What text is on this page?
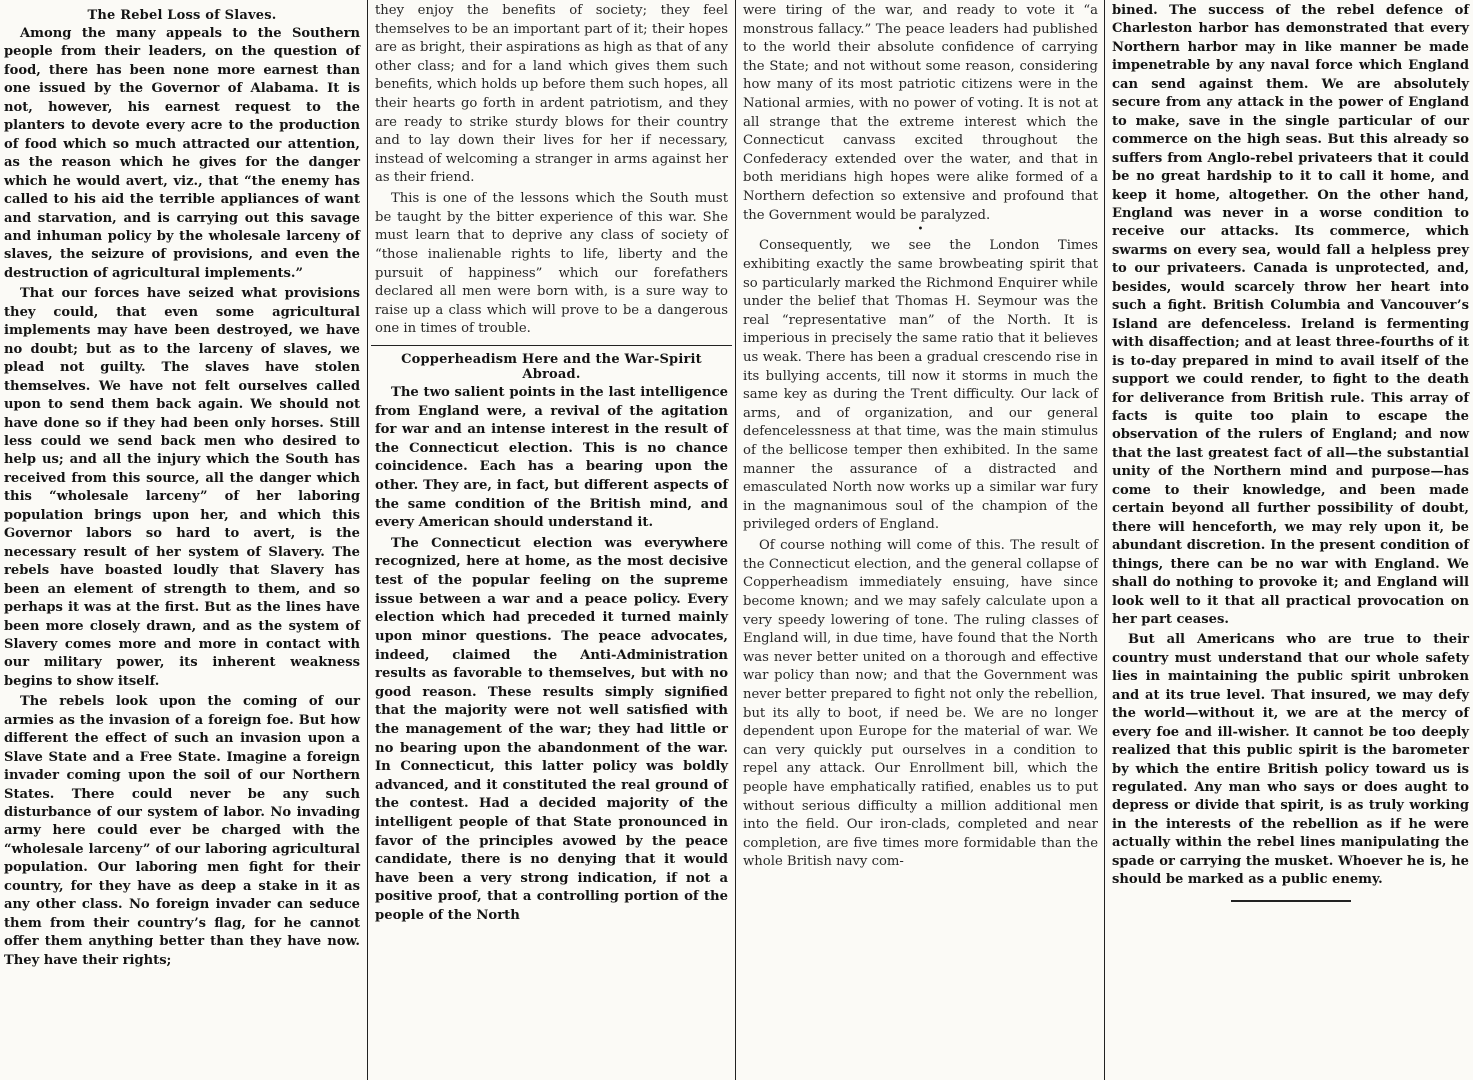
The Rebel Loss of Slaves.

Among the many appeals to the Southern people from their leaders, on the question of food, there has been none more earnest than one issued by the Governor of Alabama. It is not, however, his earnest request to the planters to devote every acre to the production of food which so much attracted our attention, as the reason which he gives for the danger which he would avert, viz., that “the enemy has called to his aid the terrible appliances of want and starvation, and is carrying out this savage and inhuman policy by the wholesale larceny of slaves, the seizure of provisions, and even the destruction of agricultural implements.”

That our forces have seized what provisions they could, that even some agricultural implements may have been destroyed, we have no doubt; but as to the larceny of slaves, we plead not guilty. The slaves have stolen themselves. We have not felt ourselves called upon to send them back again. We should not have done so if they had been only horses. Still less could we send back men who desired to help us; and all the injury which the South has received from this source, all the danger which this “wholesale larceny” of her laboring population brings upon her, and which this Governor labors so hard to avert, is the necessary result of her system of Slavery. The rebels have boasted loudly that Slavery has been an element of strength to them, and so perhaps it was at the first. But as the lines have been more closely drawn, and as the system of Slavery comes more and more in contact with our military power, its inherent weakness begins to show itself.

The rebels look upon the coming of our armies as the invasion of a foreign foe. But how different the effect of such an invasion upon a Slave State and a Free State. Imagine a foreign invader coming upon the soil of our Northern States. There could never be any such disturbance of our system of labor. No invading army here could ever be charged with the “wholesale larceny” of our laboring agricultural population. Our laboring men fight for their country, for they have as deep a stake in it as any other class. No foreign invader can seduce them from their country’s flag, for he cannot offer them anything better than they have now. They have their rights;

they enjoy the benefits of society; they feel themselves to be an important part of it; their hopes are as bright, their aspirations as high as that of any other class; and for a land which gives them such benefits, which holds up before them such hopes, all their hearts go forth in ardent patriotism, and they are ready to strike sturdy blows for their country and to lay down their lives for her if necessary, instead of welcoming a stranger in arms against her as their friend.

This is one of the lessons which the South must be taught by the bitter experience of this war. She must learn that to deprive any class of society of “those inalienable rights to life, liberty and the pursuit of happiness” which our forefathers declared all men were born with, is a sure way to raise up a class which will prove to be a dangerous one in times of trouble.

Copperheadism Here and the War-Spirit Abroad.

The two salient points in the last intelligence from England were, a revival of the agitation for war and an intense interest in the result of the Connecticut election. This is no chance coincidence. Each has a bearing upon the other. They are, in fact, but different aspects of the same condition of the British mind, and every American should understand it.

The Connecticut election was everywhere recognized, here at home, as the most decisive test of the popular feeling on the supreme issue between a war and a peace policy. Every election which had preceded it turned mainly upon minor questions. The peace advocates, indeed, claimed the Anti-Administration results as favorable to themselves, but with no good reason. These results simply signified that the majority were not well satisfied with the management of the war; they had little or no bearing upon the abandonment of the war. In Connecticut, this latter policy was boldly advanced, and it constituted the real ground of the contest. Had a decided majority of the intelligent people of that State pronounced in favor of the principles avowed by the peace candidate, there is no denying that it would have been a very strong indication, if not a positive proof, that a controlling portion of the people of the North

were tiring of the war, and ready to vote it “a monstrous fallacy.” The peace leaders had published to the world their absolute confidence of carrying the State; and not without some reason, considering how many of its most patriotic citizens were in the National armies, with no power of voting. It is not at all strange that the extreme interest which the Connecticut canvass excited throughout the Confederacy extended over the water, and that in both meridians high hopes were alike formed of a Northern defection so extensive and profound that the Government would be paralyzed.

•

Consequently, we see the London Times exhibiting exactly the same browbeating spirit that so particularly marked the Richmond Enquirer while under the belief that Thomas H. Seymour was the real “representative man” of the North. It is imperious in precisely the same ratio that it believes us weak. There has been a gradual crescendo rise in its bullying accents, till now it storms in much the same key as during the Trent difficulty. Our lack of arms, and of organization, and our general defencelessness at that time, was the main stimulus of the bellicose temper then exhibited. In the same manner the assurance of a distracted and emasculated North now works up a similar war fury in the magnanimous soul of the champion of the privileged orders of England.

Of course nothing will come of this. The result of the Connecticut election, and the general collapse of Copperheadism immediately ensuing, have since become known; and we may safely calculate upon a very speedy lowering of tone. The ruling classes of England will, in due time, have found that the North was never better united on a thorough and effective war policy than now; and that the Government was never better prepared to fight not only the rebellion, but its ally to boot, if need be. We are no longer dependent upon Europe for the material of war. We can very quickly put ourselves in a condition to repel any attack. Our Enrollment bill, which the people have emphatically ratified, enables us to put without serious difficulty a million additional men into the field. Our iron-clads, completed and near completion, are five times more formidable than the whole British navy com-

bined. The success of the rebel defence of Charleston harbor has demonstrated that every Northern harbor may in like manner be made impenetrable by any naval force which England can send against them. We are absolutely secure from any attack in the power of England to make, save in the single particular of our commerce on the high seas. But this already so suffers from Anglo-rebel privateers that it could be no great hardship to it to call it home, and keep it home, altogether. On the other hand, England was never in a worse condition to receive our attacks. Its commerce, which swarms on every sea, would fall a helpless prey to our privateers. Canada is unprotected, and, besides, would scarcely throw her heart into such a fight. British Columbia and Vancouver’s Island are defenceless. Ireland is fermenting with disaffection; and at least three-fourths of it is to-day prepared in mind to avail itself of the support we could render, to fight to the death for deliverance from British rule. This array of facts is quite too plain to escape the observation of the rulers of England; and now that the last greatest fact of all—the substantial unity of the Northern mind and purpose—has come to their knowledge, and been made certain beyond all further possibility of doubt, there will henceforth, we may rely upon it, be abundant discretion. In the present condition of things, there can be no war with England. We shall do nothing to provoke it; and England will look well to it that all practical provocation on her part ceases.

But all Americans who are true to their country must understand that our whole safety lies in maintaining the public spirit unbroken and at its true level. That insured, we may defy the world—without it, we are at the mercy of every foe and ill-wisher. It cannot be too deeply realized that this public spirit is the barometer by which the entire British policy toward us is regulated. Any man who says or does aught to depress or divide that spirit, is as truly working in the interests of the rebellion as if he were actually within the rebel lines manipulating the spade or carrying the musket. Whoever he is, he should be marked as a public enemy.
